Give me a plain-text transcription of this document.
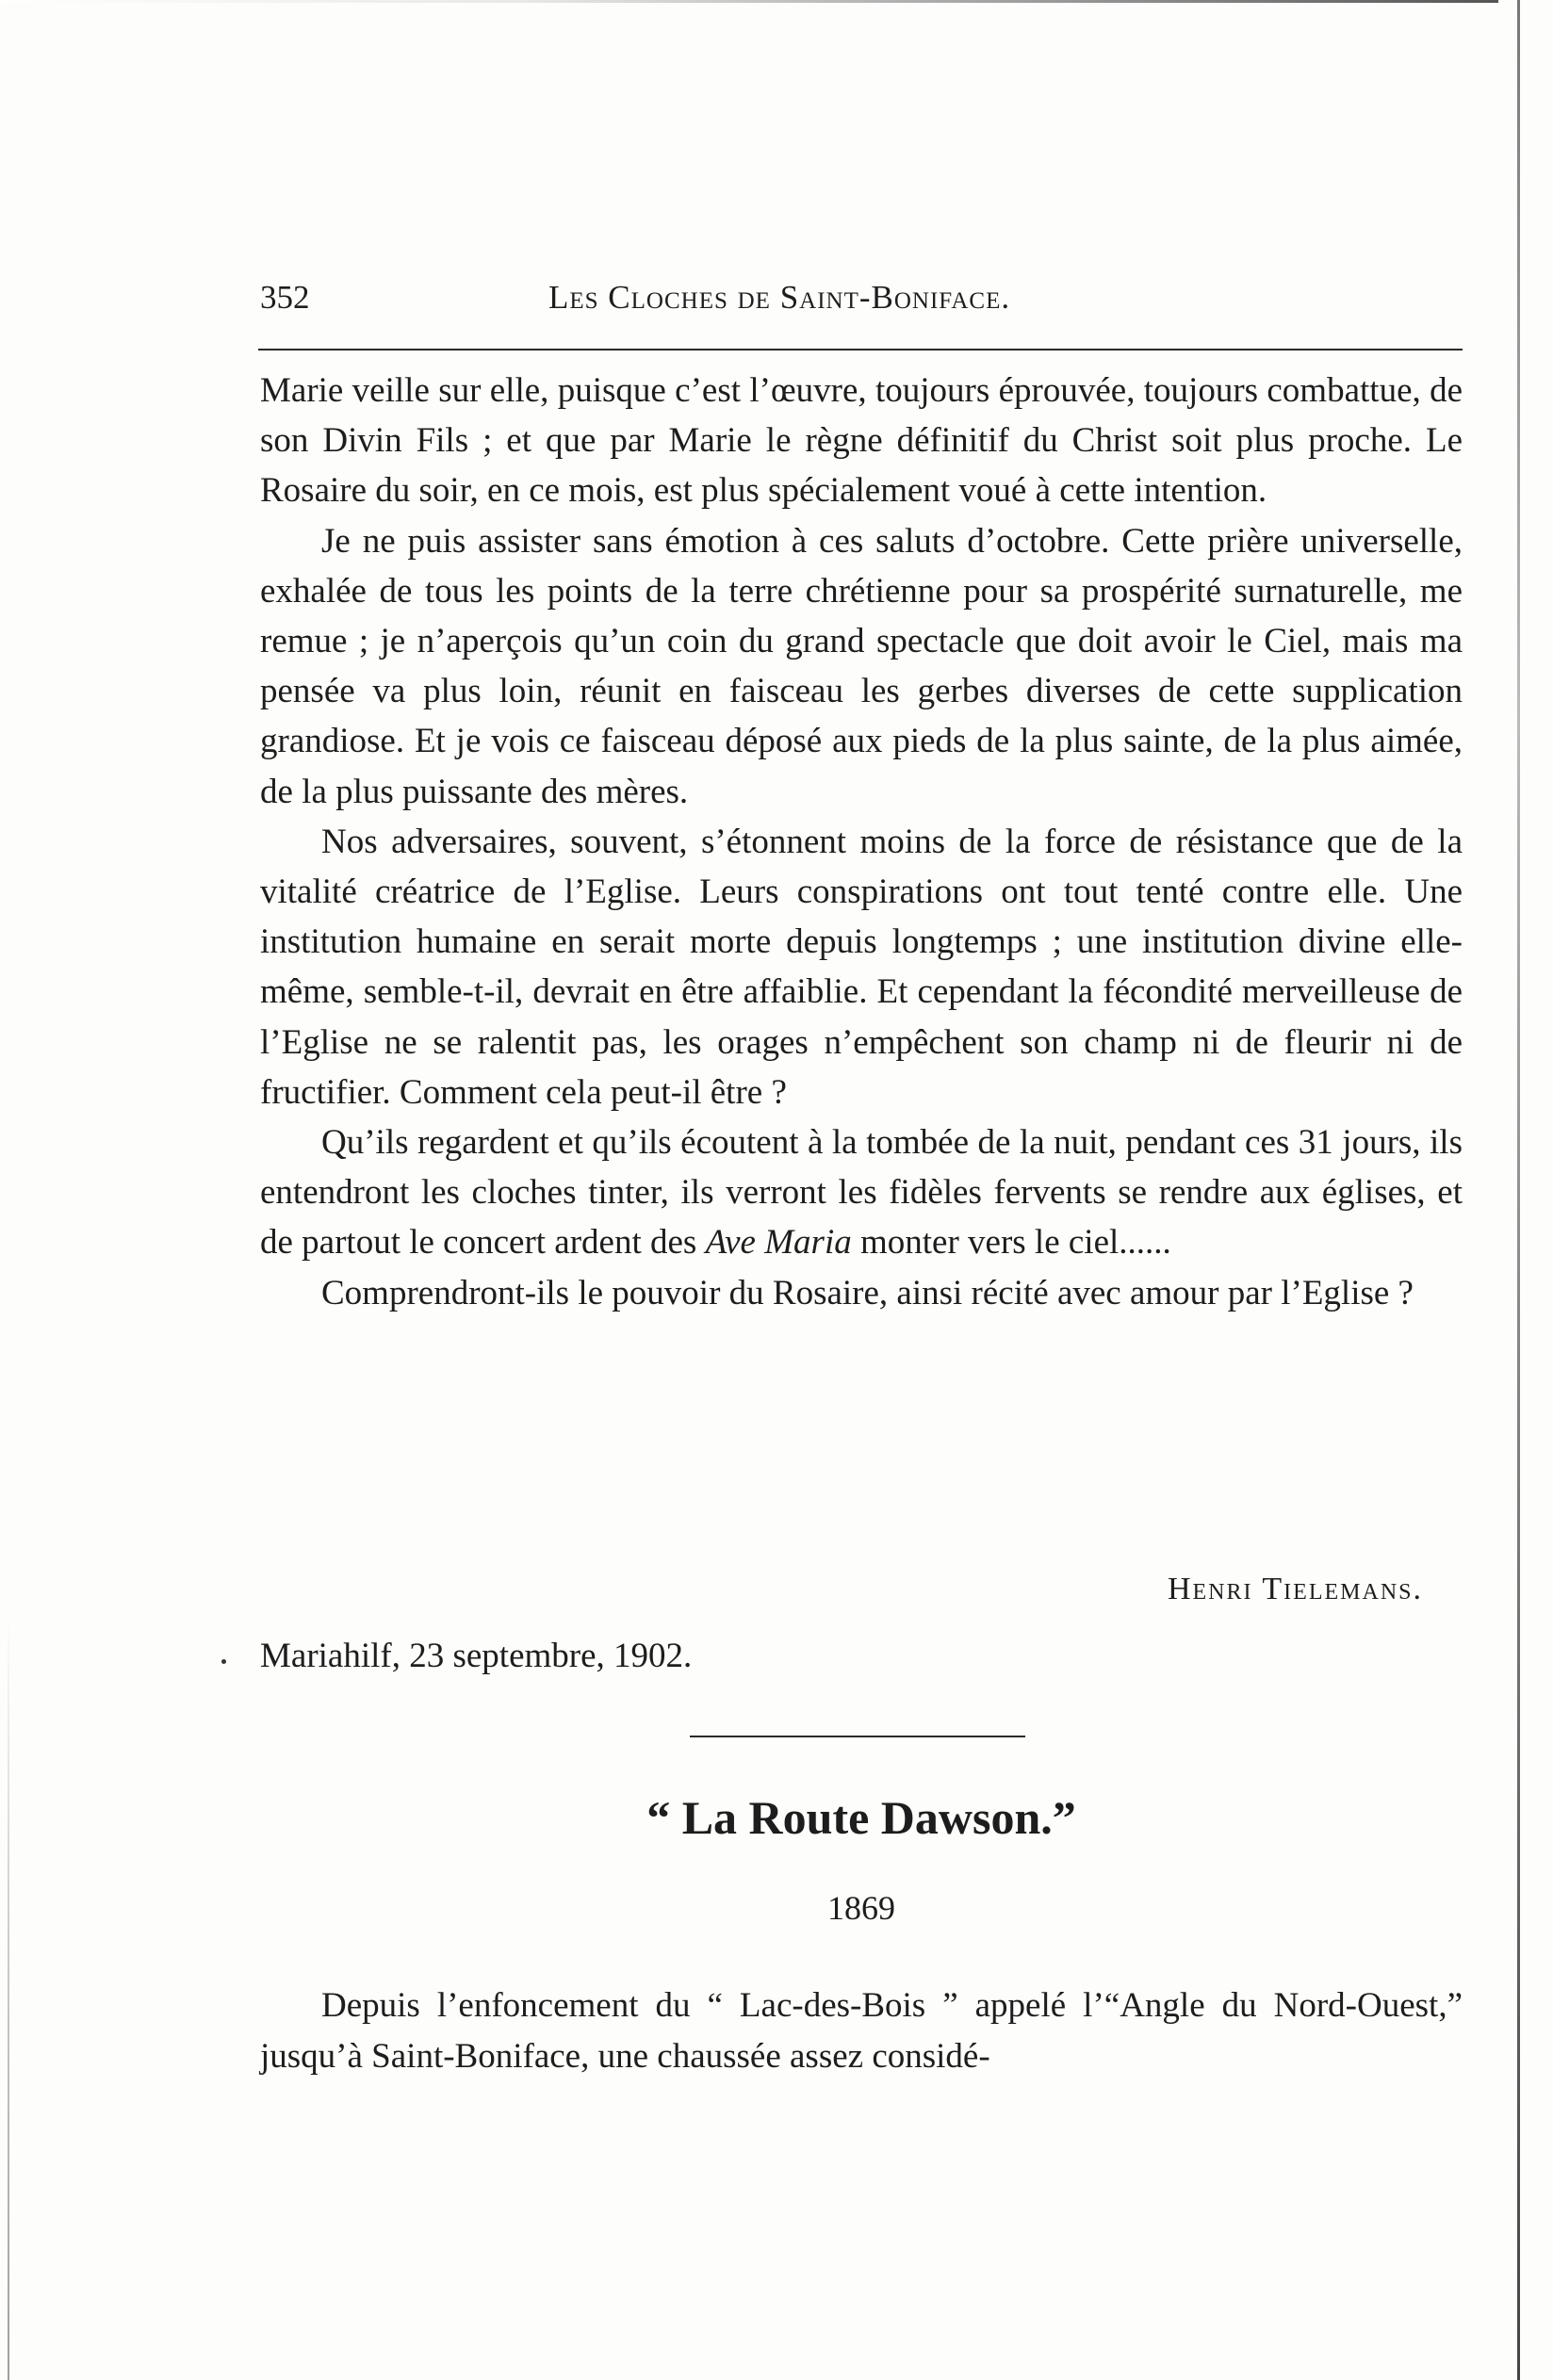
352	Les Cloches de Saint-Boniface.

Marie veille sur elle, puisque c’est l’œuvre, toujours éprouvée, toujours combattue, de son Divin Fils ; et que par Marie le règne définitif du Christ soit plus proche. Le Rosaire du soir, en ce mois, est plus spécialement voué à cette intention.

Je ne puis assister sans émotion à ces saluts d’octobre. Cette prière universelle, exhalée de tous les points de la terre chrétienne pour sa prospérité surnaturelle, me remue ; je n’aperçois qu’un coin du grand spectacle que doit avoir le Ciel, mais ma pensée va plus loin, réunit en faisceau les gerbes diverses de cette supplication grandiose. Et je vois ce faisceau déposé aux pieds de la plus sainte, de la plus aimée, de la plus puissante des mères.

Nos adversaires, souvent, s’étonnent moins de la force de résistance que de la vitalité créatrice de l’Eglise. Leurs conspirations ont tout tenté contre elle. Une institution humaine en serait morte depuis longtemps ; une institution divine elle-même, semble-t-il, devrait en être affaiblie. Et cependant la fécondité merveilleuse de l’Eglise ne se ralentit pas, les orages n’empêchent son champ ni de fleurir ni de fructifier. Comment cela peut-il être ?

Qu’ils regardent et qu’ils écoutent à la tombée de la nuit, pendant ces 31 jours, ils entendront les cloches tinter, ils verront les fidèles fervents se rendre aux églises, et de partout le concert ardent des Ave Maria monter vers le ciel......

Comprendront-ils le pouvoir du Rosaire, ainsi récité avec amour par l’Eglise ?

Henri Tielemans.
Mariahilf, 23 septembre, 1902.
“ La Route Dawson.”
1869

Depuis l’enfoncement du “ Lac-des-Bois ” appelé l’“Angle du Nord-Ouest,” jusqu’à Saint-Boniface, une chaussée assez considé-
